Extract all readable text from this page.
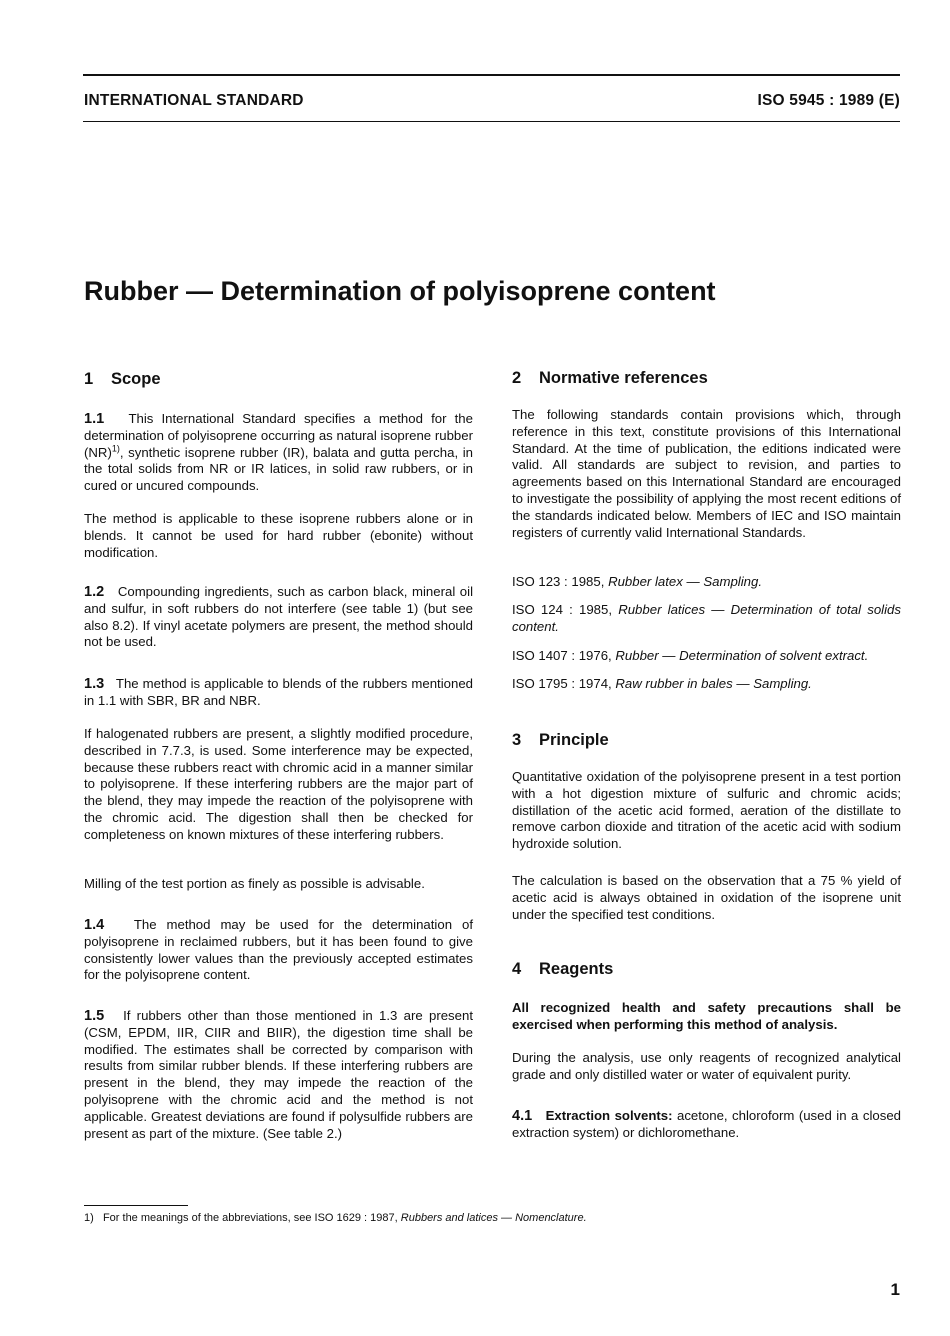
INTERNATIONAL STANDARD	ISO 5945 : 1989 (E)
Rubber — Determination of polyisoprene content
1 Scope

1.1 This International Standard specifies a method for the determination of polyisoprene occurring as natural isoprene rubber (NR)$^{1)}$, synthetic isoprene rubber (IR), balata and gutta percha, in the total solids from NR or IR latices, in solid raw rubbers, or in cured or uncured compounds.

The method is applicable to these isoprene rubbers alone or in blends. It cannot be used for hard rubber (ebonite) without modification.

1.2 Compounding ingredients, such as carbon black, mineral oil and sulfur, in soft rubbers do not interfere (see table 1) (but see also 8.2). If vinyl acetate polymers are present, the method should not be used.

1.3 The method is applicable to blends of the rubbers mentioned in 1.1 with SBR, BR and NBR.

If halogenated rubbers are present, a slightly modified procedure, described in 7.7.3, is used. Some interference may be expected, because these rubbers react with chromic acid in a manner similar to polyisoprene. If these interfering rubbers are the major part of the blend, they may impede the reaction of the polyisoprene with the chromic acid. The digestion shall then be checked for completeness on known mixtures of these interfering rubbers.

Milling of the test portion as finely as possible is advisable.

1.4 The method may be used for the determination of polyisoprene in reclaimed rubbers, but it has been found to give consistently lower values than the previously accepted estimates for the polyisoprene content.

1.5 If rubbers other than those mentioned in 1.3 are present (CSM, EPDM, IIR, CIIR and BIIR), the digestion time shall be modified. The estimates shall be corrected by comparison with results from similar rubber blends. If these interfering rubbers are present in the blend, they may impede the reaction of the polyisoprene with the chromic acid and the method is not applicable. Greatest deviations are found if polysulfide rubbers are present as part of the mixture. (See table 2.)

2 Normative references

The following standards contain provisions which, through reference in this text, constitute provisions of this International Standard. At the time of publication, the editions indicated were valid. All standards are subject to revision, and parties to agreements based on this International Standard are encouraged to investigate the possibility of applying the most recent editions of the standards indicated below. Members of IEC and ISO maintain registers of currently valid International Standards.

ISO 123 : 1985, Rubber latex — Sampling.

ISO 124 : 1985, Rubber latices — Determination of total solids content.

ISO 1407 : 1976, Rubber — Determination of solvent extract.

ISO 1795 : 1974, Raw rubber in bales — Sampling.

3 Principle

Quantitative oxidation of the polyisoprene present in a test portion with a hot digestion mixture of sulfuric and chromic acids; distillation of the acetic acid formed, aeration of the distillate to remove carbon dioxide and titration of the acetic acid with sodium hydroxide solution.

The calculation is based on the observation that a 75 % yield of acetic acid is always obtained in oxidation of the isoprene unit under the specified test conditions.

4 Reagents

All recognized health and safety precautions shall be exercised when performing this method of analysis.

During the analysis, use only reagents of recognized analytical grade and only distilled water or water of equivalent purity.

4.1 Extraction solvents: acetone, chloroform (used in a closed extraction system) or dichloromethane.

1) For the meanings of the abbreviations, see ISO 1629 : 1987, Rubbers and latices — Nomenclature.
1
